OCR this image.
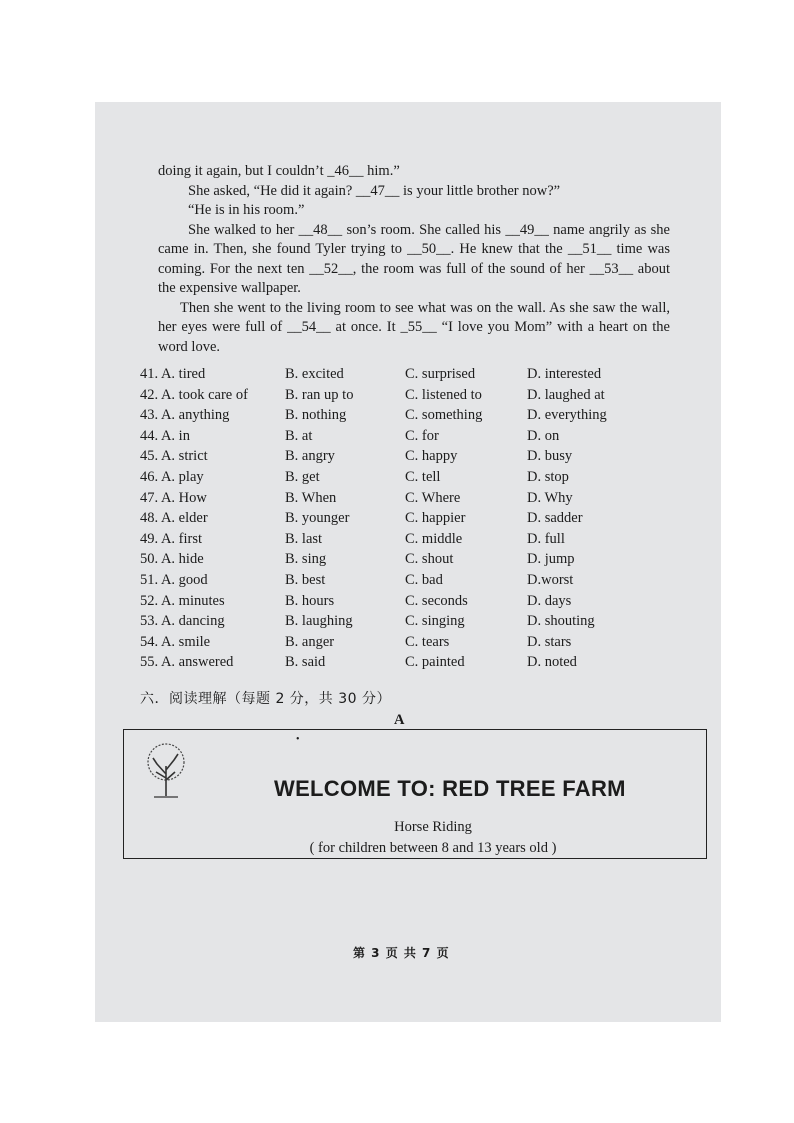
doing it again, but I couldn’t _46__ him.”

She asked, “He did it again? __47__ is your little brother now?”

“He is in his room.”

She walked to her __48__ son’s room. She called his __49__ name angrily as she came in. Then, she found Tyler trying to __50__. He knew that the __51__ time was coming. For the next ten __52__, the room was full of the sound of her __53__ about the expensive wallpaper.

Then she went to the living room to see what was on the wall. As she saw the wall, her eyes were full of __54__ at once. It _55__ “I love you Mom” with a heart on the word love.

41. A. tired	B. excited	C. surprised	D. interested
42. A. took care of	B. ran up to	C. listened to	D. laughed at
43. A. anything	B. nothing	C. something	D. everything
44. A. in	B. at	C. for	D. on
45. A. strict	B. angry	C. happy	D. busy
46. A. play	B. get	C. tell	D. stop
47. A. How	B. When	C. Where	D. Why
48. A. elder	B. younger	C. happier	D. sadder
49. A. first	B. last	C. middle	D. full
50. A. hide	B. sing	C. shout	D. jump
51. A. good	B. best	C. bad	D.worst
52. A. minutes	B. hours	C. seconds	D. days
53. A. dancing	B. laughing	C. singing	D. shouting
54. A. smile	B. anger	C. tears	D. stars
55. A. answered	B. said	C. painted	D. noted
六．阅读理解（每题 2 分，共 30 分）
A
•
WELCOME TO: RED TREE FARM
Horse Riding
( for children between 8 and 13 years old )
第 3 页 共 7 页
